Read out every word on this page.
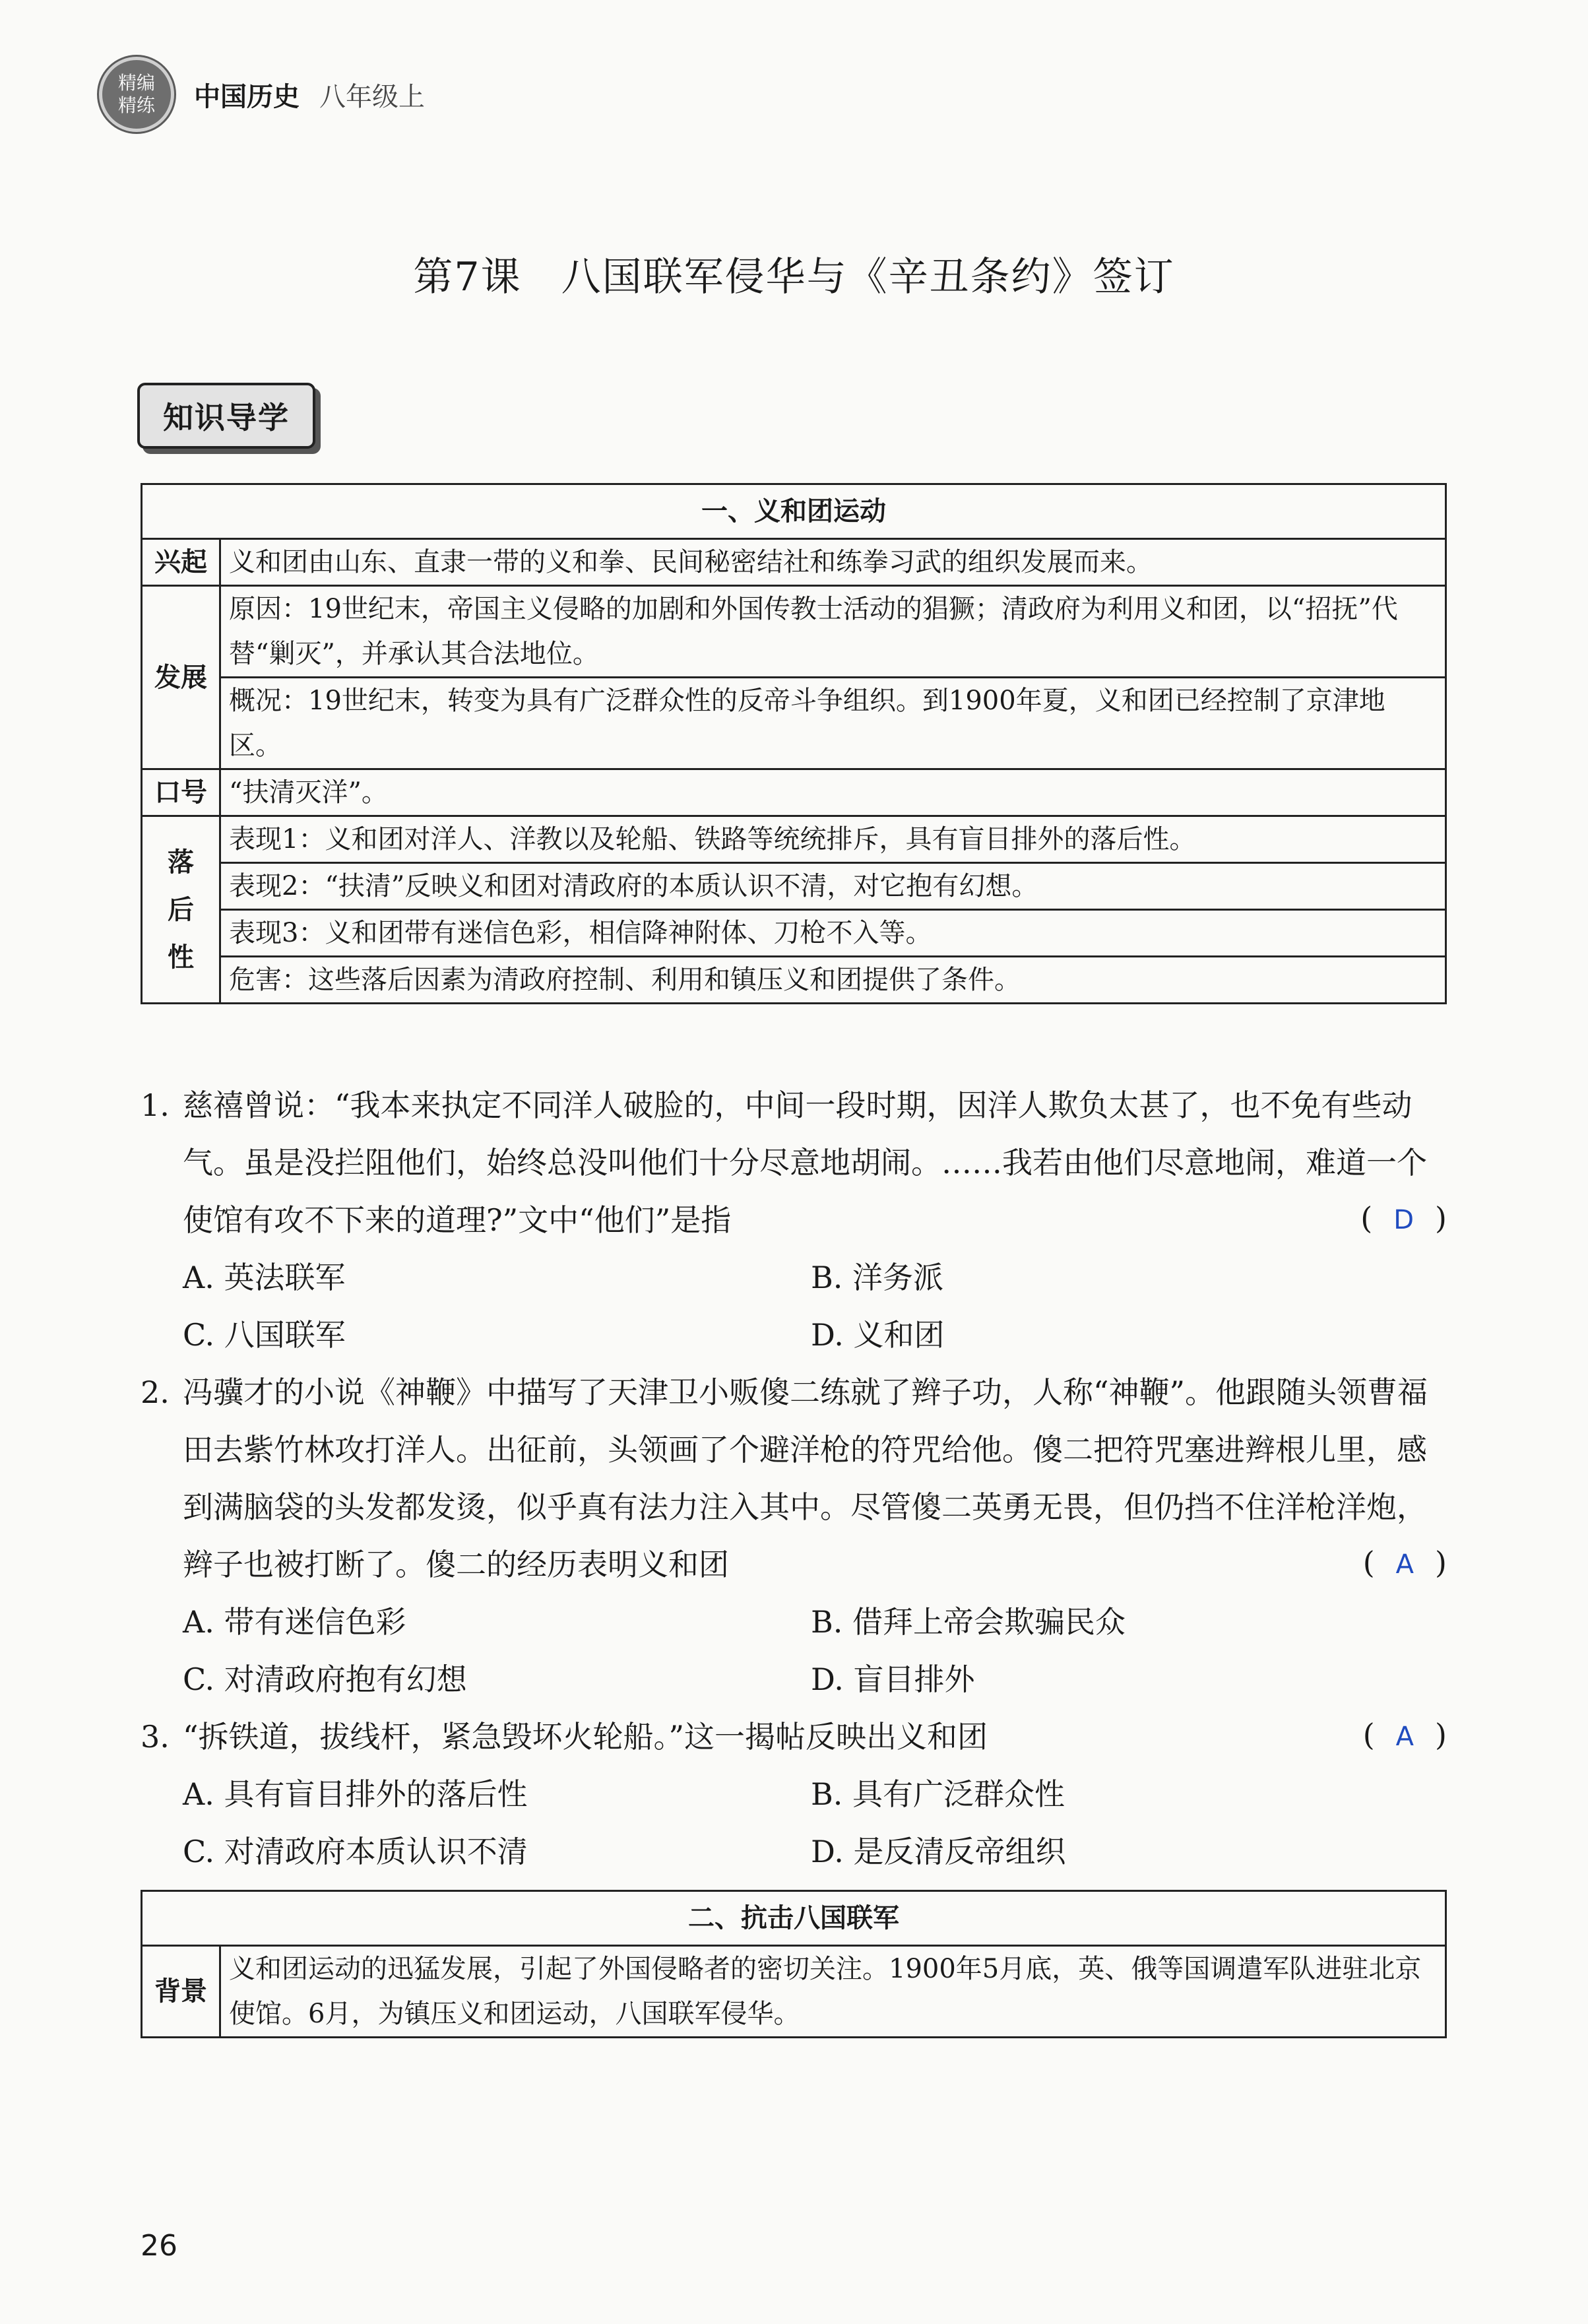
精编
精练	中国历史 八年级上
第7课 八国联军侵华与《辛丑条约》签订
知识导学
一、义和团运动	
兴起	义和团由山东、直隶一带的义和拳、民间秘密结社和练拳习武的组织发展而来。
发展	原因：19世纪末，帝国主义侵略的加剧和外国传教士活动的猖獗；清政府为利用义和团，以“招抚”代替“剿灭”，并承认其合法地位。
	概况：19世纪末，转变为具有广泛群众性的反帝斗争组织。到1900年夏，义和团已经控制了京津地区。
口号	“扶清灭洋”。
落
后
性	表现1：义和团对洋人、洋教以及轮船、铁路等统统排斥，具有盲目排外的落后性。
	表现2：“扶清”反映义和团对清政府的本质认识不清，对它抱有幻想。
	表现3：义和团带有迷信色彩，相信降神附体、刀枪不入等。
	危害：这些落后因素为清政府控制、利用和镇压义和团提供了条件。
1. 慈禧曾说：“我本来执定不同洋人破脸的，中间一段时期，因洋人欺负太甚了，也不免有些动气。虽是没拦阻他们，始终总没叫他们十分尽意地胡闹。……我若由他们尽意地闹，难道一个使馆有攻不下来的道理?”文中“他们”是指	( D )
A. 英法联军	B. 洋务派
C. 八国联军	D. 义和团
2. 冯骥才的小说《神鞭》中描写了天津卫小贩傻二练就了辫子功，人称“神鞭”。他跟随头领曹福田去紫竹林攻打洋人。出征前，头领画了个避洋枪的符咒给他。傻二把符咒塞进辫根儿里，感到满脑袋的头发都发烫，似乎真有法力注入其中。尽管傻二英勇无畏，但仍挡不住洋枪洋炮，辫子也被打断了。傻二的经历表明义和团	( A )
A. 带有迷信色彩	B. 借拜上帝会欺骗民众
C. 对清政府抱有幻想	D. 盲目排外
3. “拆铁道，拔线杆，紧急毁坏火轮船。”这一揭帖反映出义和团	( A )
A. 具有盲目排外的落后性	B. 具有广泛群众性
C. 对清政府本质认识不清	D. 是反清反帝组织
二、抗击八国联军
背景	义和团运动的迅猛发展，引起了外国侵略者的密切关注。1900年5月底，英、俄等国调遣军队进驻北京使馆。6月，为镇压义和团运动，八国联军侵华。
26
